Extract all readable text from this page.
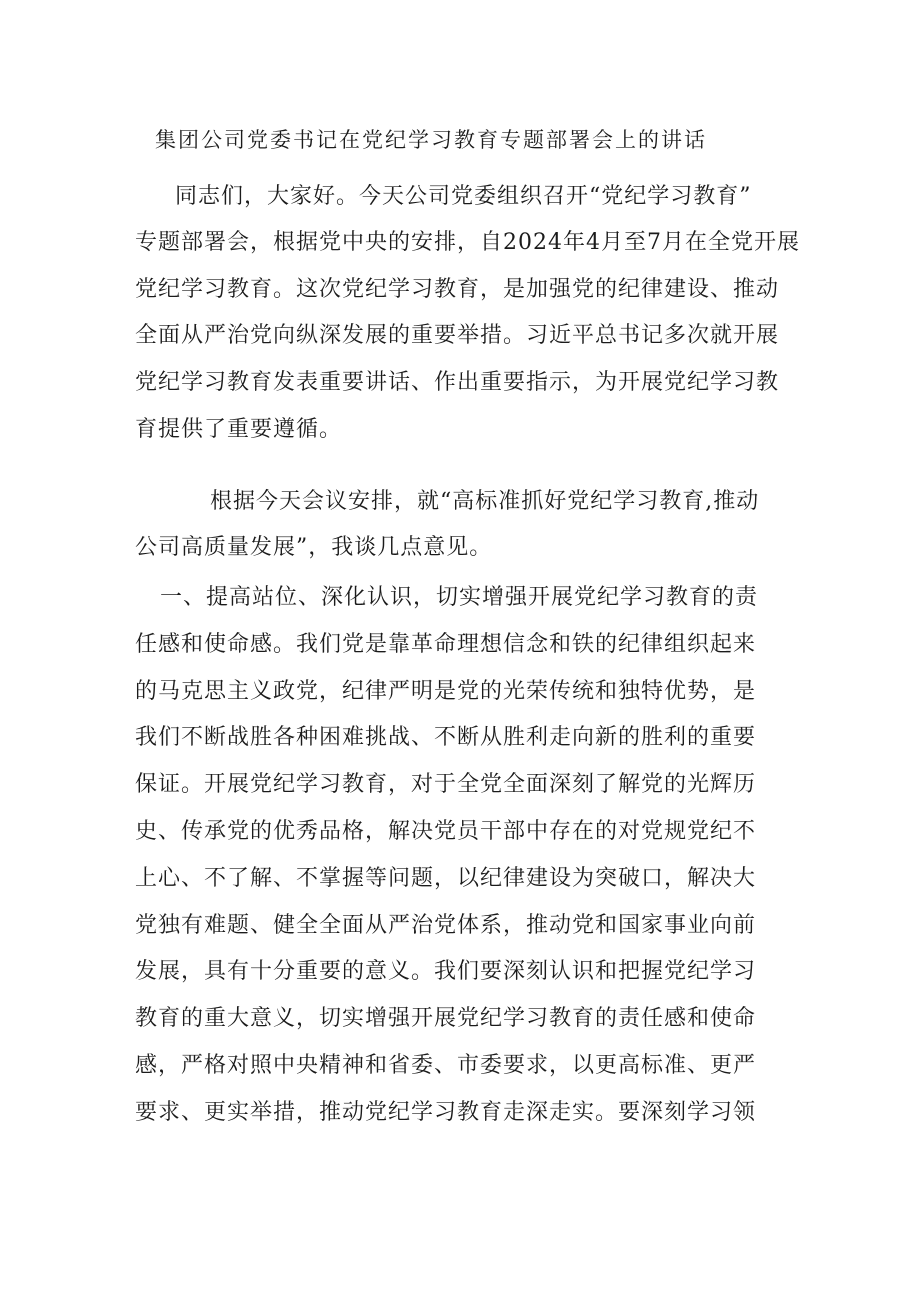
集团公司党委书记在党纪学习教育专题部署会上的讲话
同志们，大家好。今天公司党委组织召开“党纪学习教育”
专题部署会，根据党中央的安排，自2024年4月至7月在全党开展
党纪学习教育。这次党纪学习教育，是加强党的纪律建设、推动
全面从严治党向纵深发展的重要举措。习近平总书记多次就开展
党纪学习教育发表重要讲话、作出重要指示，为开展党纪学习教
育提供了重要遵循。
根据今天会议安排，就“高标准抓好党纪学习教育,推动
公司高质量发展”，我谈几点意见。
一、提高站位、深化认识，切实增强开展党纪学习教育的责
任感和使命感。我们党是靠革命理想信念和铁的纪律组织起来
的马克思主义政党，纪律严明是党的光荣传统和独特优势，是
我们不断战胜各种困难挑战、不断从胜利走向新的胜利的重要
保证。开展党纪学习教育，对于全党全面深刻了解党的光辉历
史、传承党的优秀品格，解决党员干部中存在的对党规党纪不
上心、不了解、不掌握等问题，以纪律建设为突破口，解决大
党独有难题、健全全面从严治党体系，推动党和国家事业向前
发展，具有十分重要的意义。我们要深刻认识和把握党纪学习
教育的重大意义，切实增强开展党纪学习教育的责任感和使命
感，严格对照中央精神和省委、市委要求，以更高标准、更严
要求、更实举措，推动党纪学习教育走深走实。要深刻学习领
